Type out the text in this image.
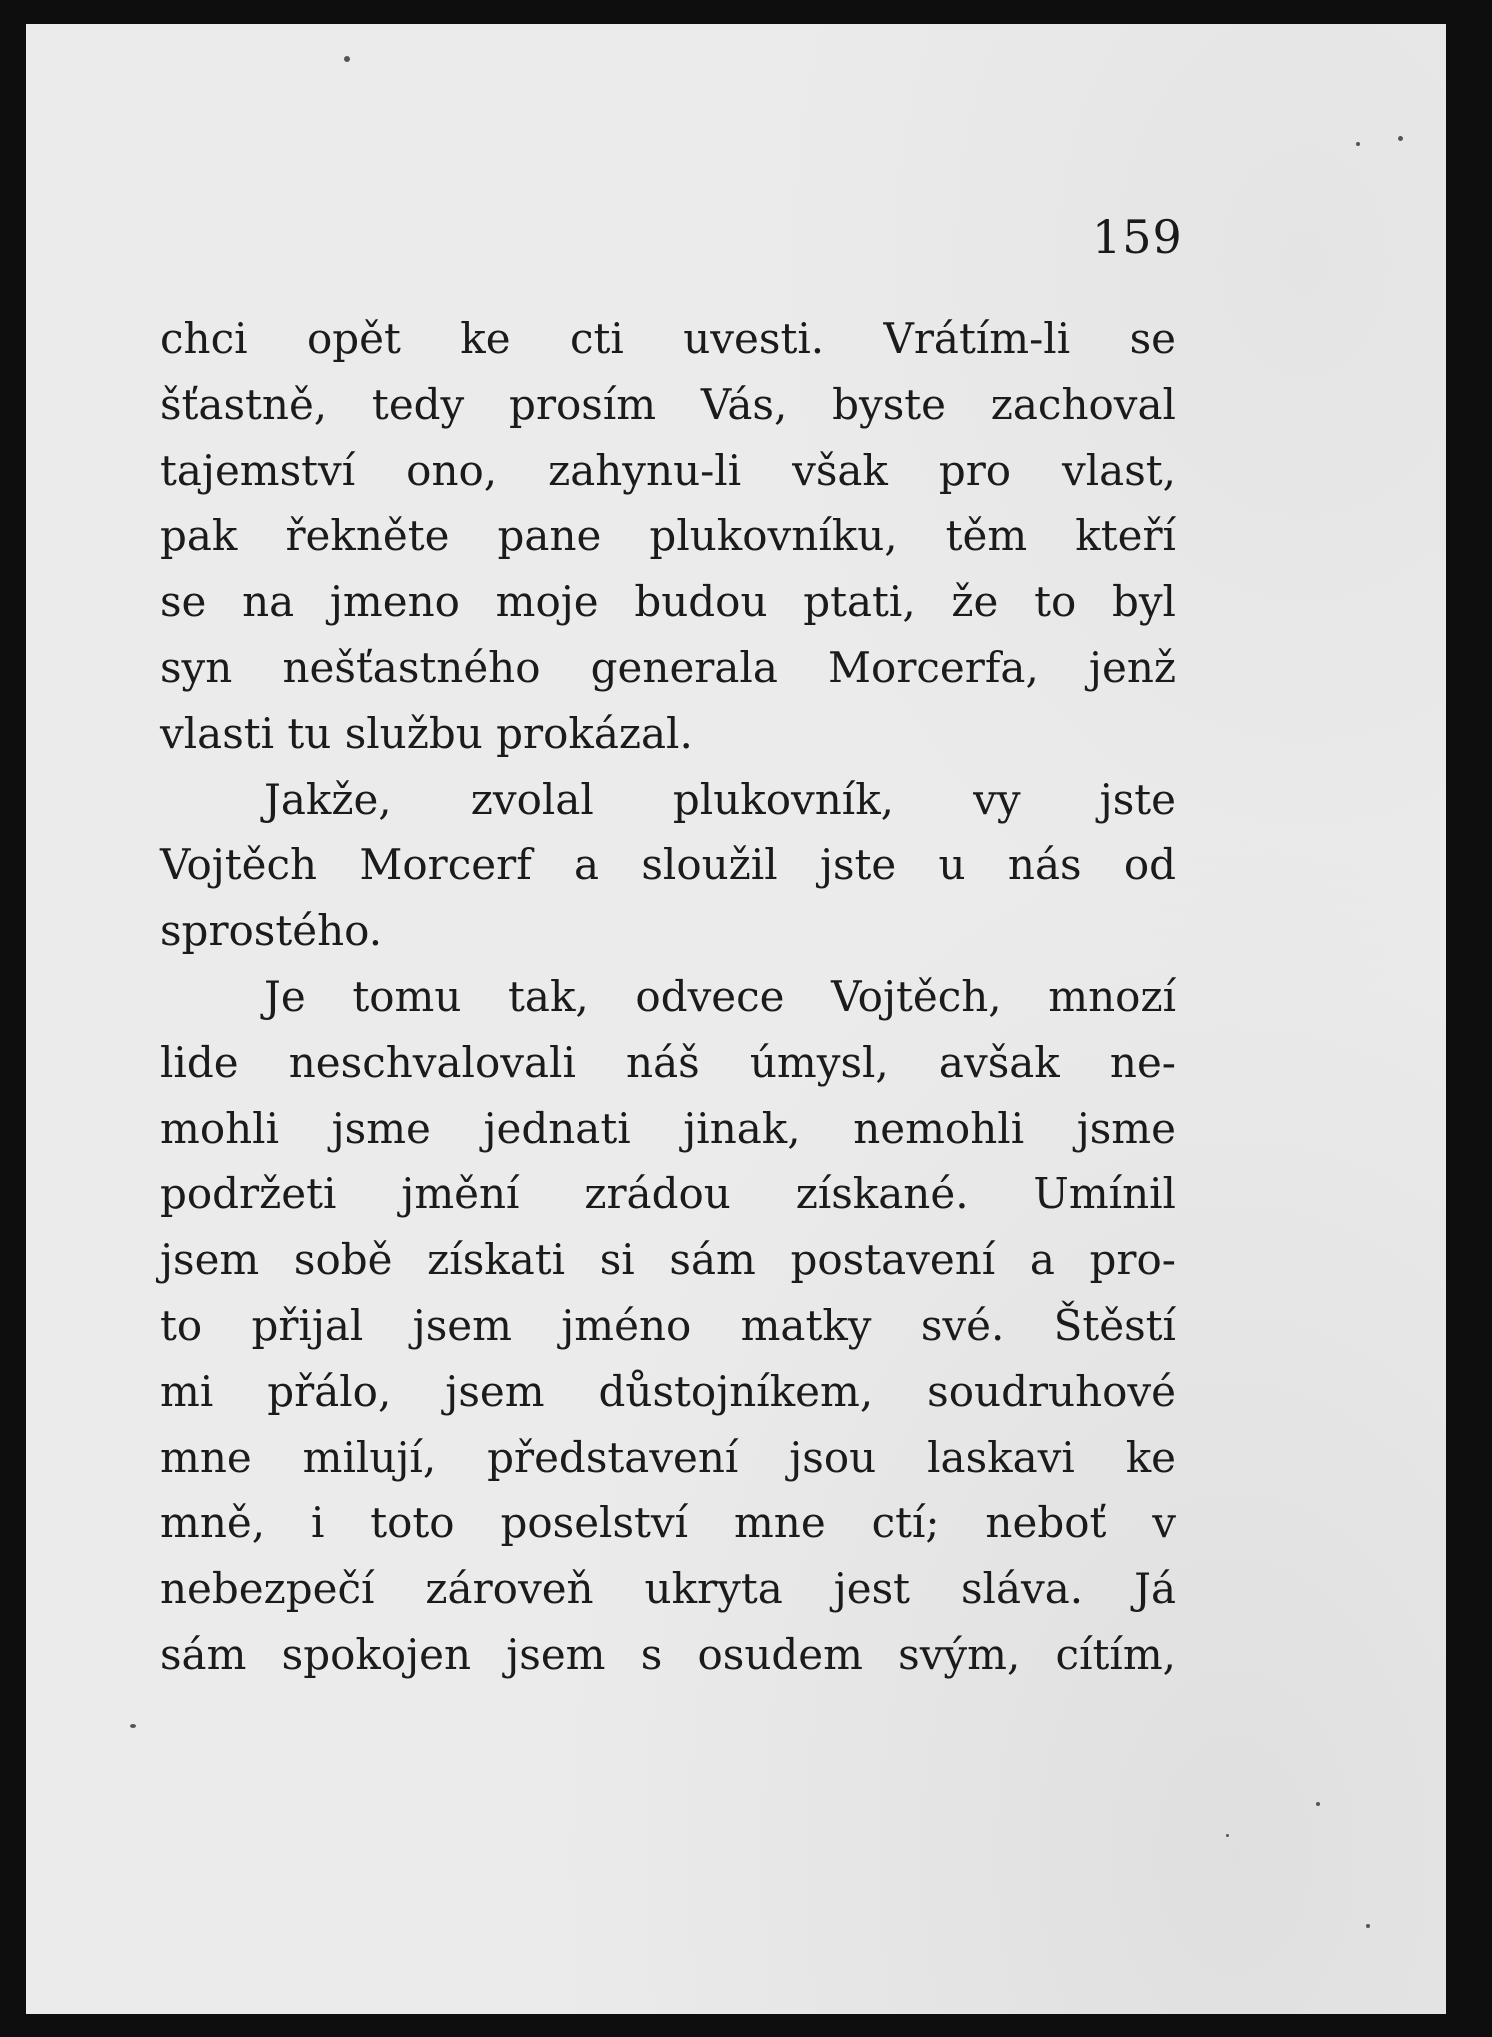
159
chci opět ke cti uvesti. Vrátím-li se
šťastně, tedy prosím Vás, byste zachoval
tajemství ono, zahynu-li však pro vlast,
pak řekněte pane plukovníku, těm kteří
se na jmeno moje budou ptati, že to byl
syn nešťastného generala Morcerfa, jenž
vlasti tu službu prokázal.
Jakže, zvolal plukovník, vy jste
Vojtěch Morcerf a sloužil jste u nás od
sprostého.
Je tomu tak, odvece Vojtěch, mnozí
lide neschvalovali náš úmysl, avšak ne-
mohli jsme jednati jinak, nemohli jsme
podržeti jmění zrádou získané. Umínil
jsem sobě získati si sám postavení a pro-
to přijal jsem jméno matky své. Štěstí
mi přálo, jsem důstojníkem, soudruhové
mne milují, představení jsou laskavi ke
mně, i toto poselství mne ctí; neboť v
nebezpečí zároveň ukryta jest sláva. Já
sám spokojen jsem s osudem svým, cítím,
